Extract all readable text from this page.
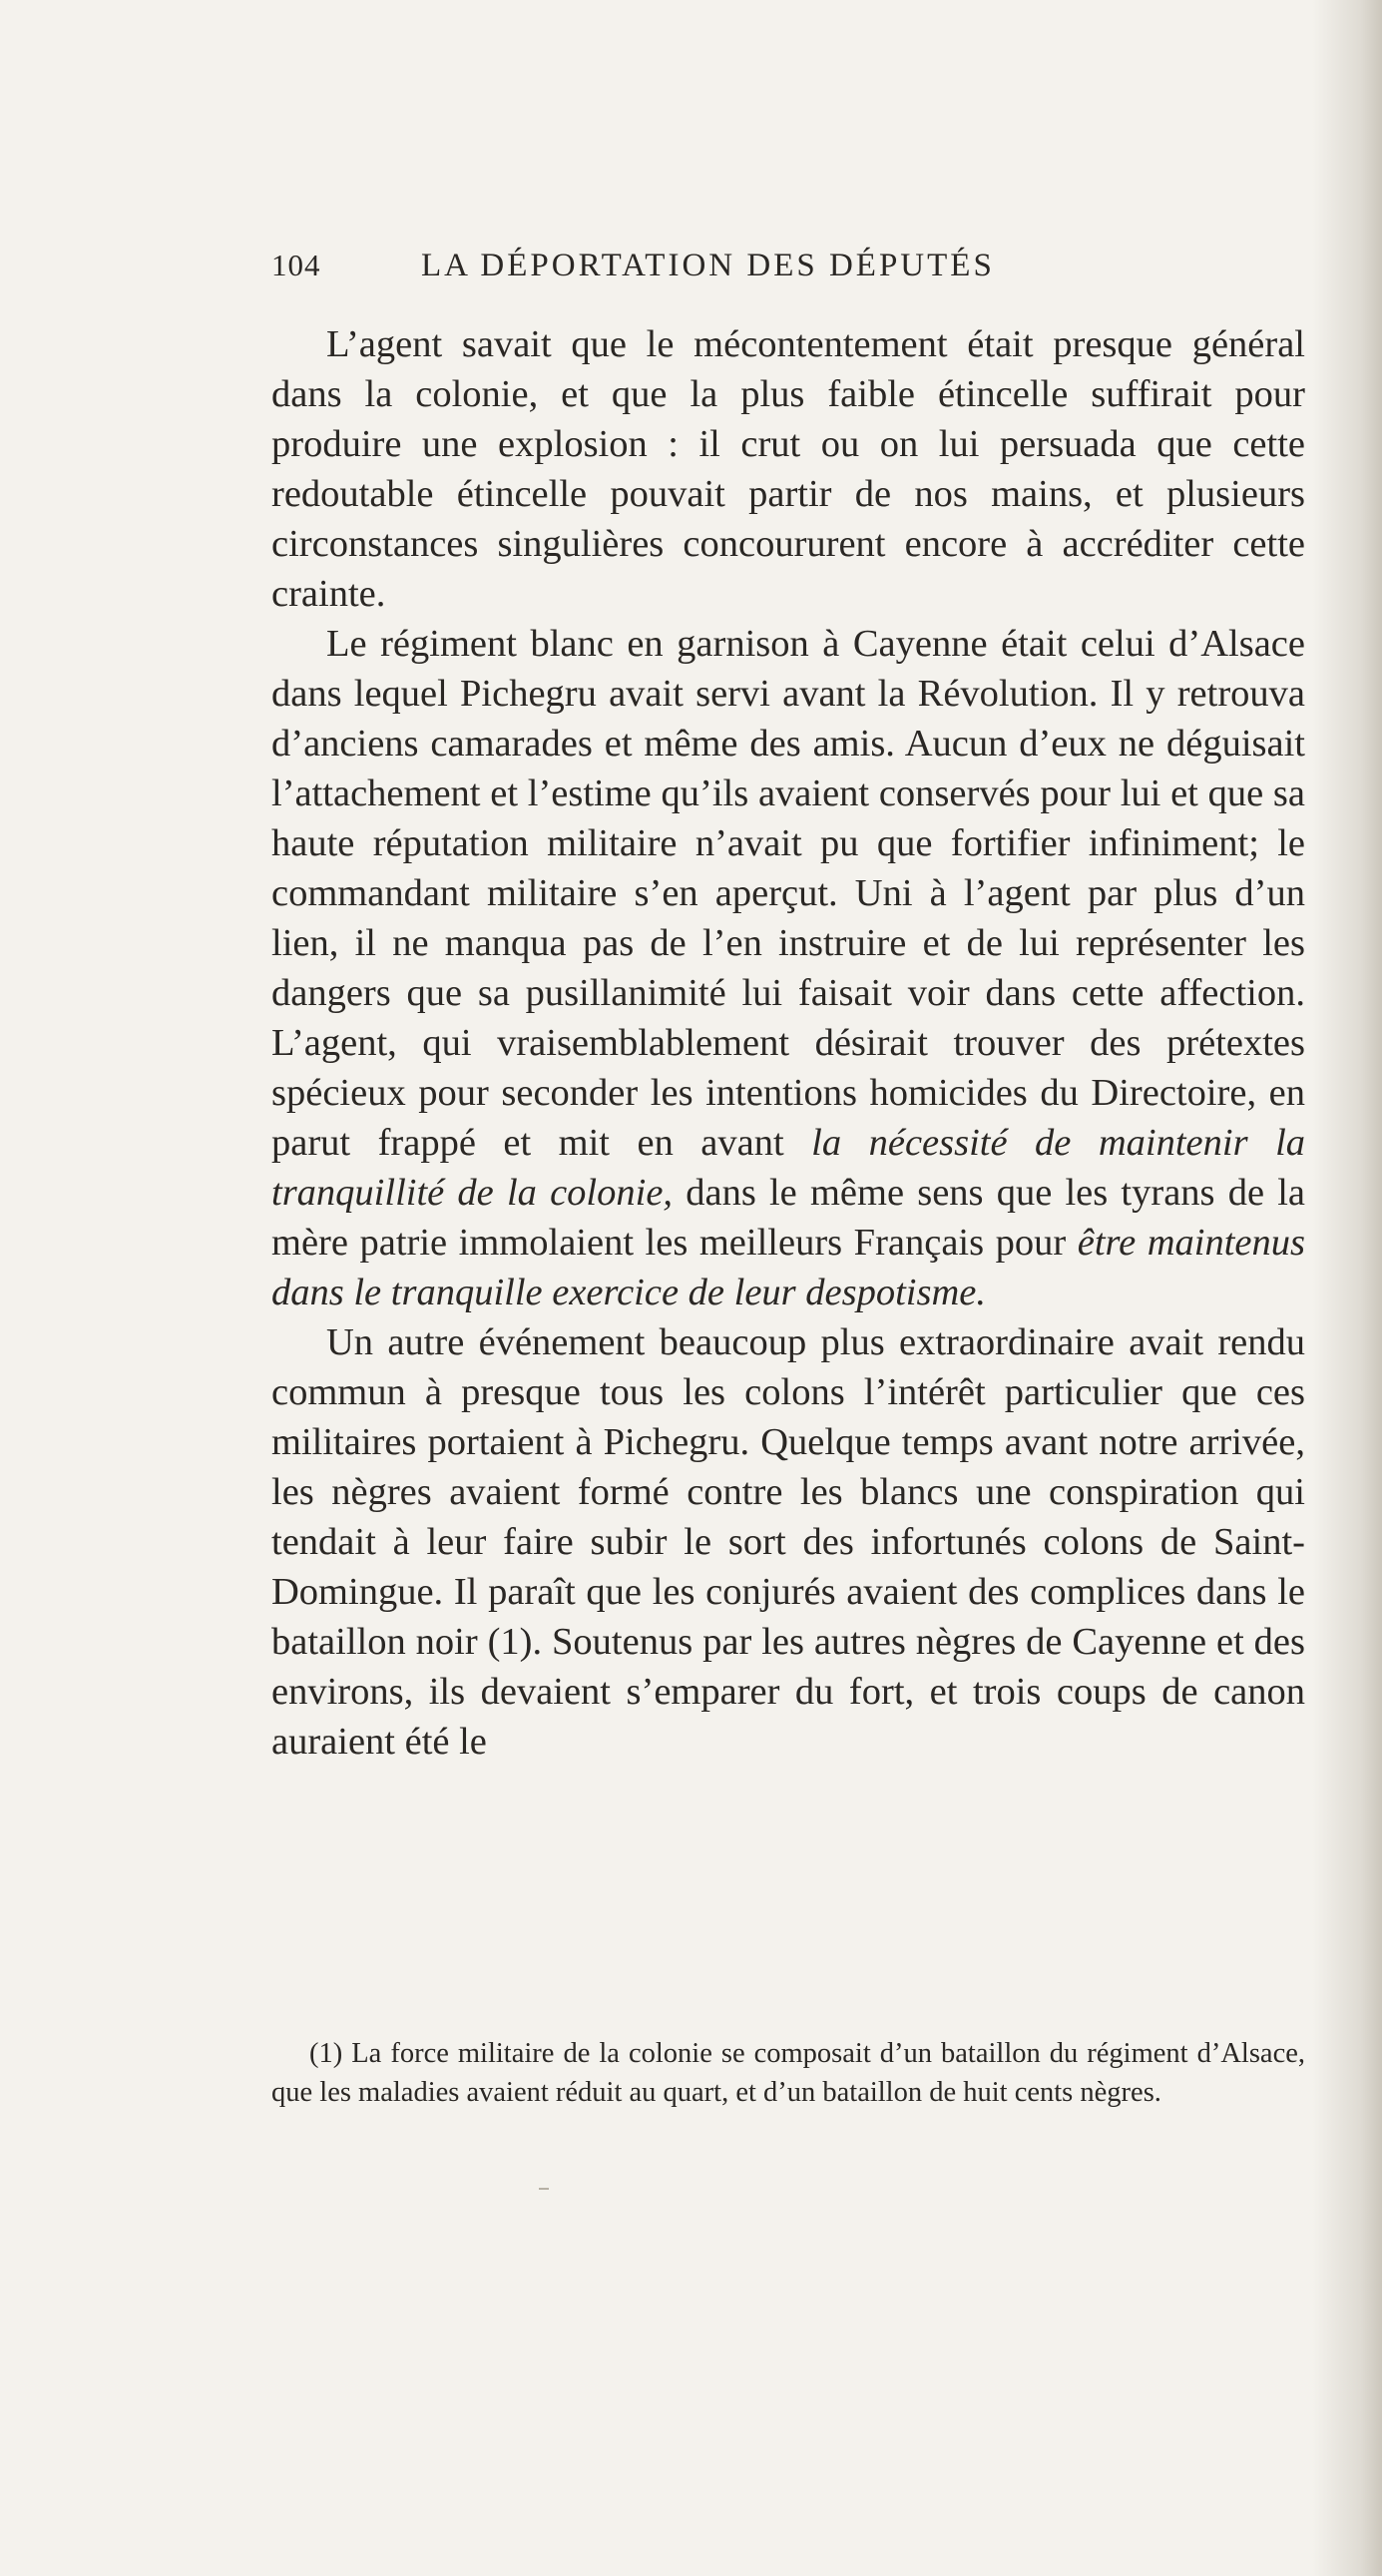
104	LA DÉPORTATION DES DÉPUTÉS

L’agent savait que le mécontentement était presque général dans la colonie, et que la plus faible étincelle suffirait pour produire une explosion : il crut ou on lui persuada que cette redoutable étincelle pouvait partir de nos mains, et plusieurs circonstances singulières concoururent encore à accréditer cette crainte.

Le régiment blanc en garnison à Cayenne était celui d’Alsace dans lequel Pichegru avait servi avant la Révolution. Il y retrouva d’anciens camarades et même des amis. Aucun d’eux ne déguisait l’attachement et l’estime qu’ils avaient conservés pour lui et que sa haute réputation militaire n’avait pu que fortifier infiniment; le commandant militaire s’en aperçut. Uni à l’agent par plus d’un lien, il ne manqua pas de l’en instruire et de lui représenter les dangers que sa pusillanimité lui faisait voir dans cette affection. L’agent, qui vraisemblablement désirait trouver des prétextes spécieux pour seconder les intentions homicides du Directoire, en parut frappé et mit en avant la nécessité de maintenir la tranquillité de la colonie, dans le même sens que les tyrans de la mère patrie immolaient les meilleurs Français pour être maintenus dans le tranquille exercice de leur despotisme.

Un autre événement beaucoup plus extraordinaire avait rendu commun à presque tous les colons l’intérêt particulier que ces militaires portaient à Pichegru. Quelque temps avant notre arrivée, les nègres avaient formé contre les blancs une conspiration qui tendait à leur faire subir le sort des infortunés colons de Saint-Domingue. Il paraît que les conjurés avaient des complices dans le bataillon noir (1). Soutenus par les autres nègres de Cayenne et des environs, ils devaient s’emparer du fort, et trois coups de canon auraient été le

(1) La force militaire de la colonie se composait d’un bataillon du régiment d’Alsace, que les maladies avaient réduit au quart, et d’un bataillon de huit cents nègres.
